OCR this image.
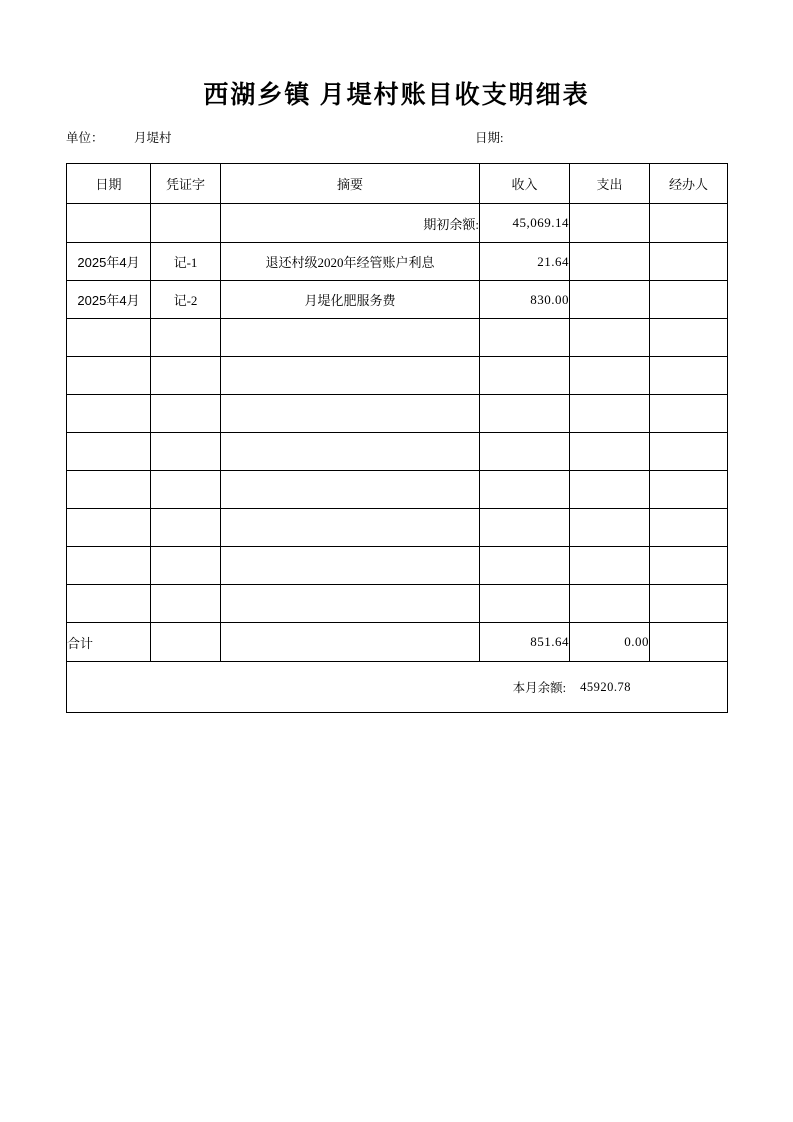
西湖乡镇 月堤村账目收支明细表
单位： 月堤村	日期:
日期	凭证字	摘要	收入	支出	经办人
		期初余额:	45,069.14		
2025年4月	记-1	退还村级2020年经管账户利息	21.64		
2025年4月	记-2	月堤化肥服务费	830.00		

合计			851.64	0.00	

本月余额: 45920.78					
